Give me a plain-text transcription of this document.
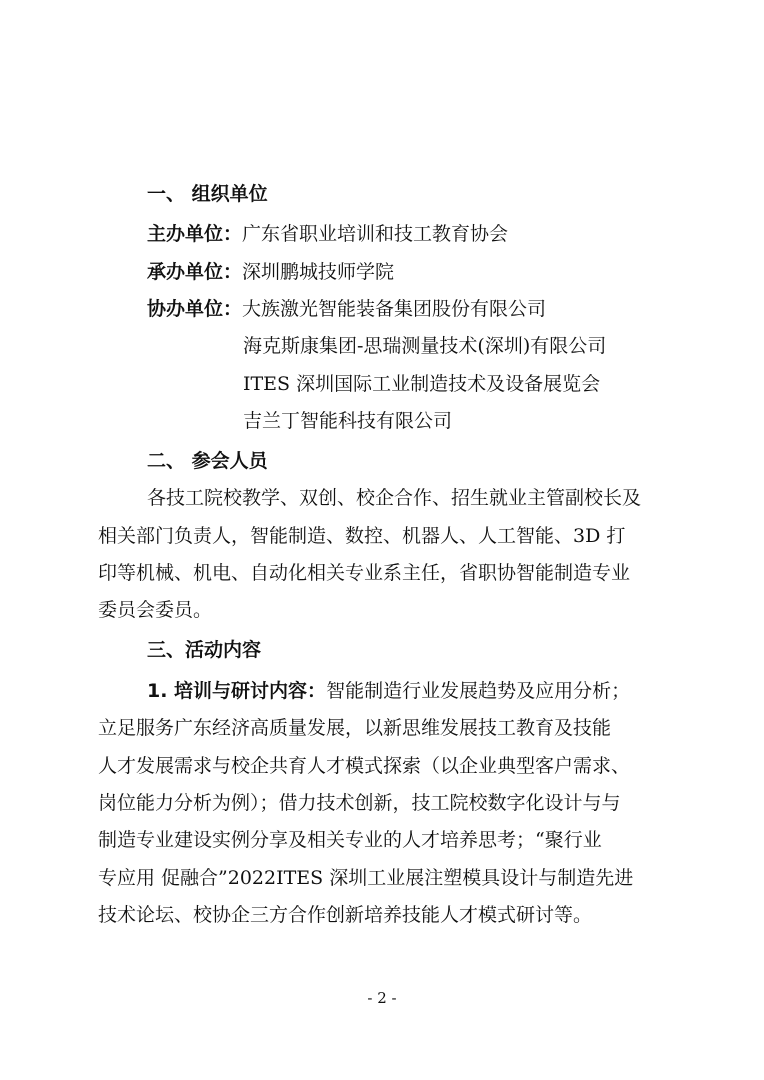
一、 组织单位
主办单位：广东省职业培训和技工教育协会
承办单位：深圳鹏城技师学院
协办单位：大族激光智能装备集团股份有限公司
海克斯康集团-思瑞测量技术(深圳)有限公司
ITES 深圳国际工业制造技术及设备展览会
吉兰丁智能科技有限公司
二、 参会人员
各技工院校教学、双创、校企合作、招生就业主管副校长及
相关部门负责人，智能制造、数控、机器人、人工智能、3D 打
印等机械、机电、自动化相关专业系主任，省职协智能制造专业
委员会委员。
三、活动内容
1. 培训与研讨内容：智能制造行业发展趋势及应用分析；
立足服务广东经济高质量发展，以新思维发展技工教育及技能
人才发展需求与校企共育人才模式探索（以企业典型客户需求、
岗位能力分析为例）；借力技术创新，技工院校数字化设计与与
制造专业建设实例分享及相关专业的人才培养思考；“聚行业
专应用 促融合”2022ITES 深圳工业展注塑模具设计与制造先进
技术论坛、校协企三方合作创新培养技能人才模式研讨等。
- 2 -
